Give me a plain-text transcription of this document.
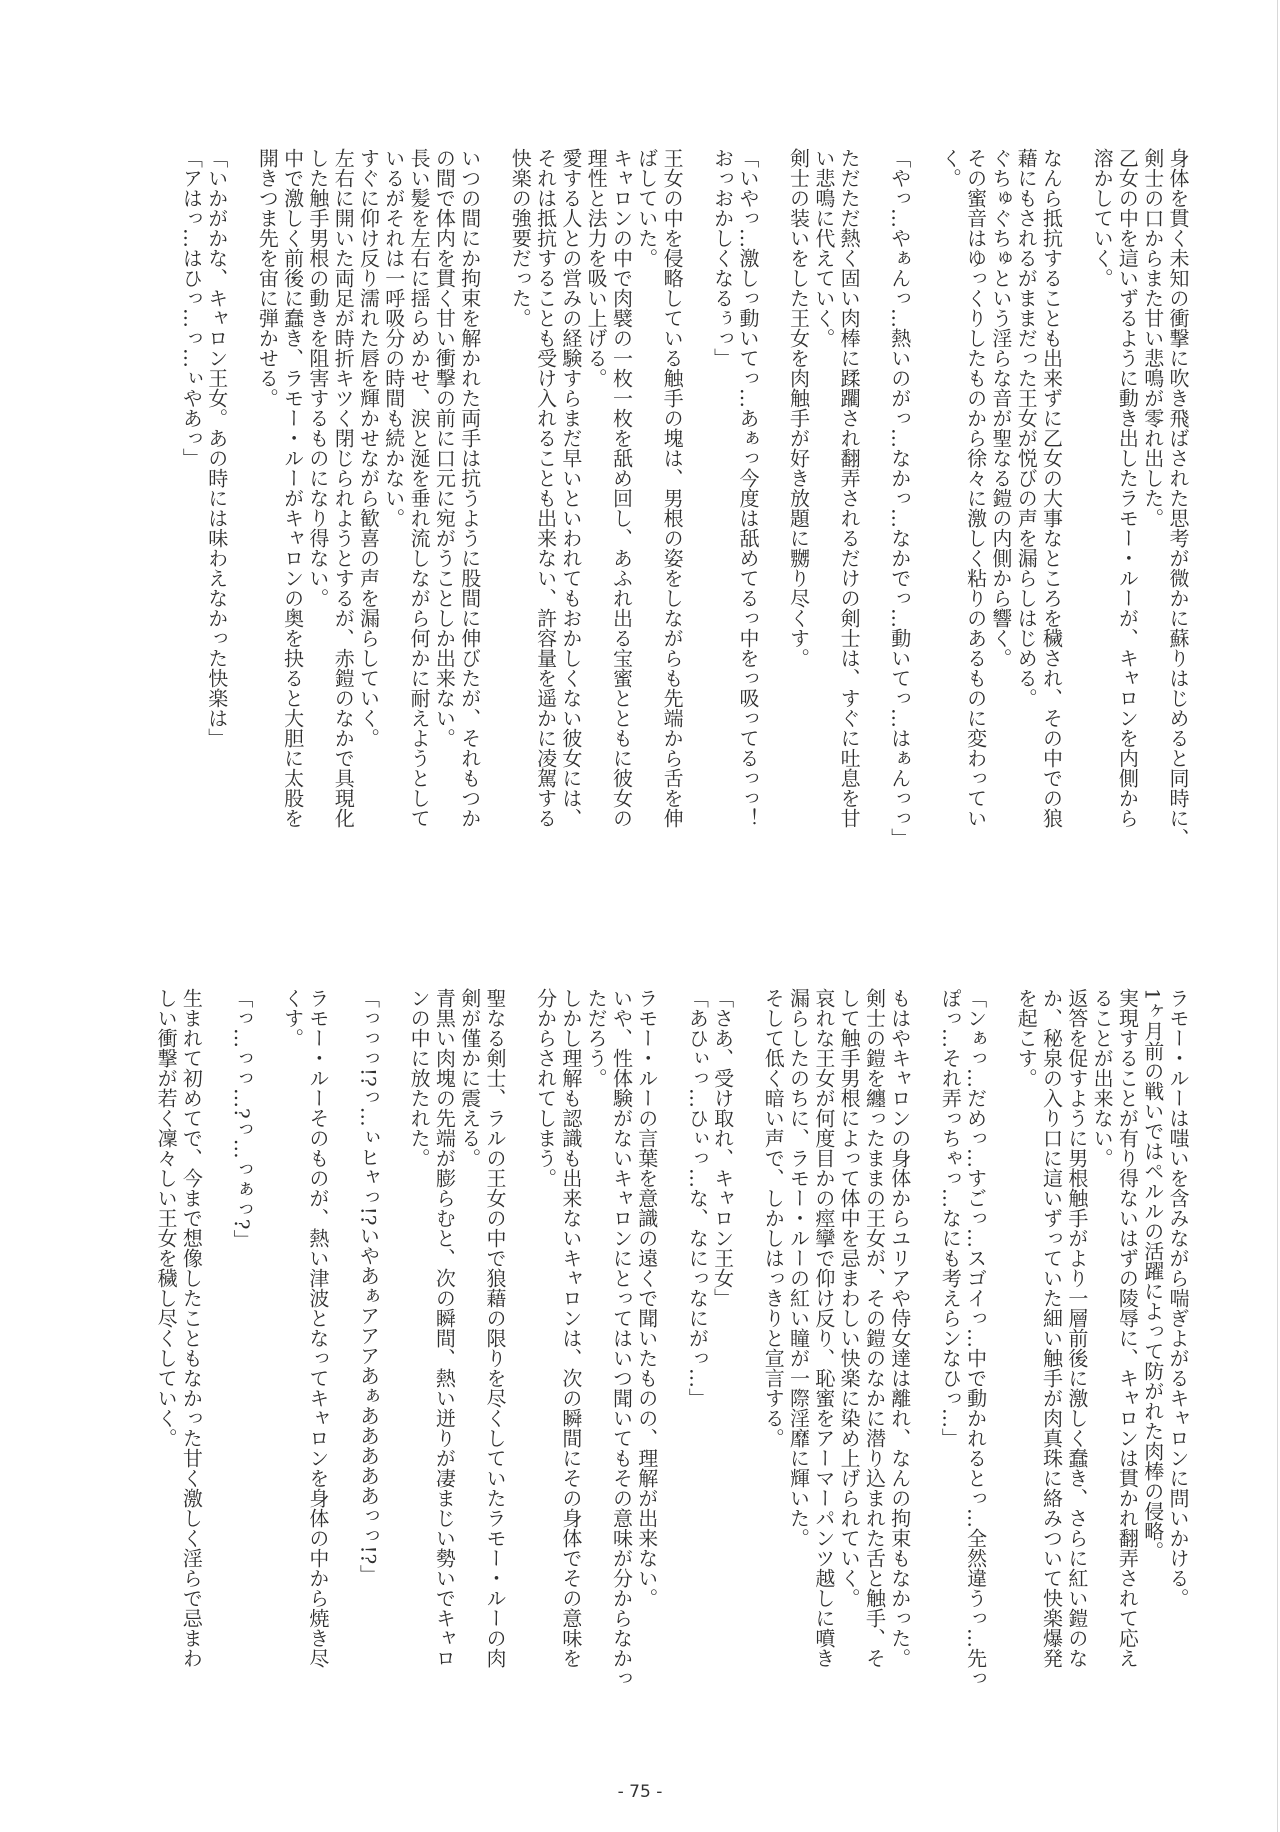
身体を貫く未知の衝撃に吹き飛ばされた思考が微かに蘇りはじめると同時に、
剣士の口からまた甘い悲鳴が零れ出した。
乙女の中を這いずるように動き出したラモー・ルーが、キャロンを内側から
溶かしていく。
なんら抵抗することも出来ずに乙女の大事なところを穢され、その中での狼
藉にもされるがままだった王女が悦びの声を漏らしはじめる。
ぐちゅぐちゅという淫らな音が聖なる鎧の内側から響く。
その蜜音はゆっくりしたものから徐々に激しく粘りのあるものに変わってい
く。
「やっ…やぁんっ…熱いのがっ…なかっ…なかでっ…動いてっ…はぁんっっ」
ただただ熱く固い肉棒に蹂躙され翻弄されるだけの剣士は、すぐに吐息を甘
い悲鳴に代えていく。
剣士の装いをした王女を肉触手が好き放題に嬲り尽くす。
「いやっ…激しっ動いてっ…あぁっ今度は舐めてるっ中をっ吸ってるっっ！
おっおかしくなるぅっ」
王女の中を侵略している触手の塊は、男根の姿をしながらも先端から舌を伸
ばしていた。
キャロンの中で肉襞の一枚一枚を舐め回し、あふれ出る宝蜜とともに彼女の
理性と法力を吸い上げる。
愛する人との営みの経験すらまだ早いといわれてもおかしくない彼女には、
それは抵抗することも受け入れることも出来ない、許容量を遥かに凌駕する
快楽の強要だった。
いつの間にか拘束を解かれた両手は抗うように股間に伸びたが、それもつか
の間で体内を貫く甘い衝撃の前に口元に宛がうことしか出来ない。
長い髪を左右に揺らめかせ、涙と涎を垂れ流しながら何かに耐えようとして
いるがそれは一呼吸分の時間も続かない。
すぐに仰け反り濡れた唇を輝かせながら歓喜の声を漏らしていく。
左右に開いた両足が時折キツく閉じられようとするが、赤鎧のなかで具現化
した触手男根の動きを阻害するものになり得ない。
中で激しく前後に蠢き、ラモー・ルーがキャロンの奥を抉ると大胆に太股を
開きつま先を宙に弾かせる。
「いかがかな、キャロン王女。あの時には味わえなかった快楽は」
「アはっ…はひっ…っ…ぃやあっ」
ラモー・ルーは嗤いを含みながら喘ぎよがるキャロンに問いかける。
1ヶ月前の戦いではペルルの活躍によって防がれた肉棒の侵略。
実現することが有り得ないはずの陵辱に、キャロンは貫かれ翻弄されて応え
ることが出来ない。
返答を促すように男根触手がより一層前後に激しく蠢き、さらに紅い鎧のな
か、秘泉の入り口に這いずっていた細い触手が肉真珠に絡みついて快楽爆発
を起こす。
「ンぁっ…だめっ…すごっ…スゴイっ…中で動かれるとっ…全然違うっ…先っ
ぽっ…それ弄っちゃっ…なにも考えらンなひっ…」
もはやキャロンの身体からユリアや侍女達は離れ、なんの拘束もなかった。
剣士の鎧を纏ったままの王女が、その鎧のなかに潜り込まれた舌と触手、そ
して触手男根によって体中を忌まわしい快楽に染め上げられていく。
哀れな王女が何度目かの痙攣で仰け反り、恥蜜をアーマーパンツ越しに噴き
漏らしたのちに、ラモー・ルーの紅い瞳が一際淫靡に輝いた。
そして低く暗い声で、しかしはっきりと宣言する。
「さあ、受け取れ、キャロン王女」
「あひぃっ…ひぃっ…な、なにっなにがっ…」
ラモー・ルーの言葉を意識の遠くで聞いたものの、理解が出来ない。
いや、性体験がないキャロンにとってはいつ聞いてもその意味が分からなかっ
ただろう。
しかし理解も認識も出来ないキャロンは、次の瞬間にその身体でその意味を
分からされてしまう。
聖なる剣士、ラルの王女の中で狼藉の限りを尽くしていたラモー・ルーの肉
剣が僅かに震える。
青黒い肉塊の先端が膨らむと、次の瞬間、熱い迸りが凄まじい勢いでキャロ
ンの中に放たれた。
「っっっ!?っ…ぃヒャっ!?いやあぁアアアあぁあああああっっ!?」
ラモー・ルーそのものが、熱い津波となってキャロンを身体の中から焼き尽
くす。
「っ…っっ…?っ…っぁっ?」
生まれて初めてで、今まで想像したこともなかった甘く激しく淫らで忌まわ
しい衝撃が若く凜々しい王女を穢し尽くしていく。
- 75 -
